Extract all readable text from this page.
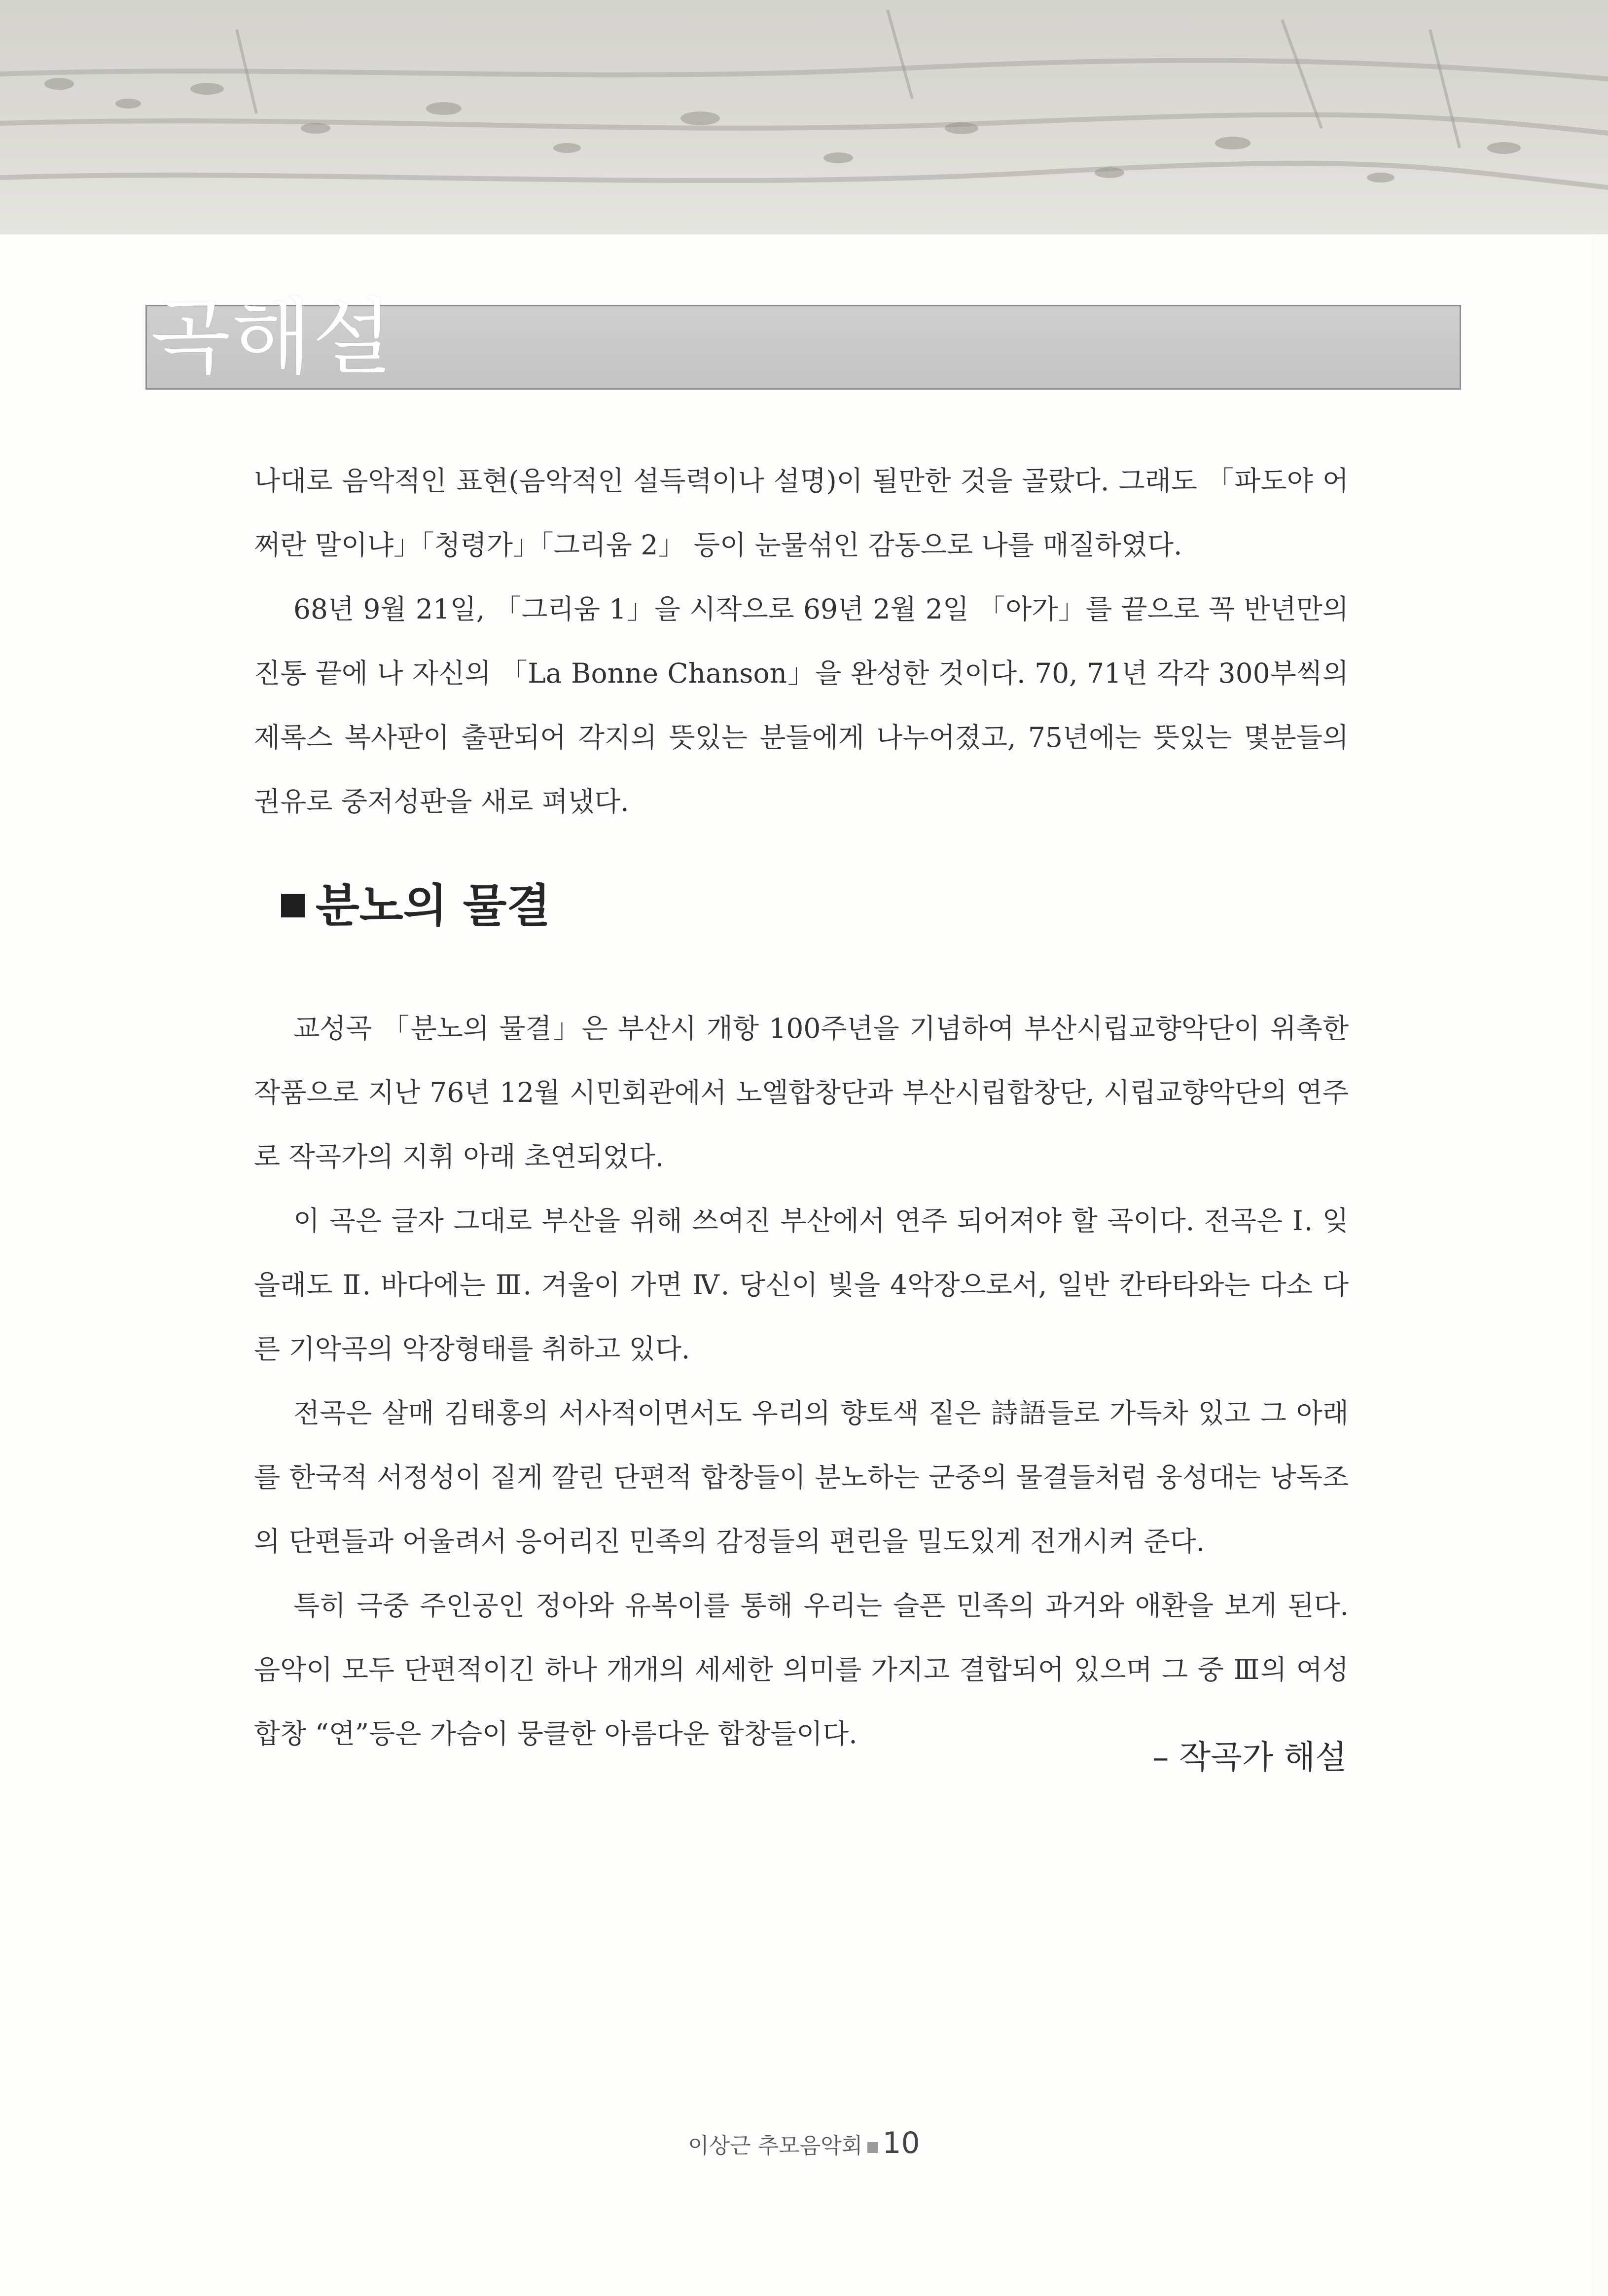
곡해설

나대로 음악적인 표현(음악적인 설득력이나 설명)이 될만한 것을 골랐다. 그래도 「파도야 어쩌란 말이냐」「청령가」「그리움 2」 등이 눈물섞인 감동으로 나를 매질하였다.

68년 9월 21일, 「그리움 1」을 시작으로 69년 2월 2일 「아가」를 끝으로 꼭 반년만의 진통 끝에 나 자신의 「La Bonne Chanson」을 완성한 것이다. 70, 71년 각각 300부씩의 제록스 복사판이 출판되어 각지의 뜻있는 분들에게 나누어졌고, 75년에는 뜻있는 몇분들의 권유로 중저성판을 새로 펴냈다.

분노의 물결

교성곡 「분노의 물결」은 부산시 개항 100주년을 기념하여 부산시립교향악단이 위촉한 작품으로 지난 76년 12월 시민회관에서 노엘합창단과 부산시립합창단, 시립교향악단의 연주로 작곡가의 지휘 아래 초연되었다.

이 곡은 글자 그대로 부산을 위해 쓰여진 부산에서 연주 되어져야 할 곡이다. 전곡은 Ⅰ. 잊을래도 Ⅱ. 바다에는 Ⅲ. 겨울이 가면 Ⅳ. 당신이 빛을 4악장으로서, 일반 칸타타와는 다소 다른 기악곡의 악장형태를 취하고 있다.

전곡은 살매 김태홍의 서사적이면서도 우리의 향토색 짙은 詩語들로 가득차 있고 그 아래를 한국적 서정성이 짙게 깔린 단편적 합창들이 분노하는 군중의 물결들처럼 웅성대는 낭독조의 단편들과 어울려서 응어리진 민족의 감정들의 편린을 밀도있게 전개시켜 준다.

특히 극중 주인공인 정아와 유복이를 통해 우리는 슬픈 민족의 과거와 애환을 보게 된다. 음악이 모두 단편적이긴 하나 개개의 세세한 의미를 가지고 결합되어 있으며 그 중 Ⅲ의 여성합창 “연”등은 가슴이 뭉클한 아름다운 합창들이다.

– 작곡가 해설
이상근 추모음악회 10
